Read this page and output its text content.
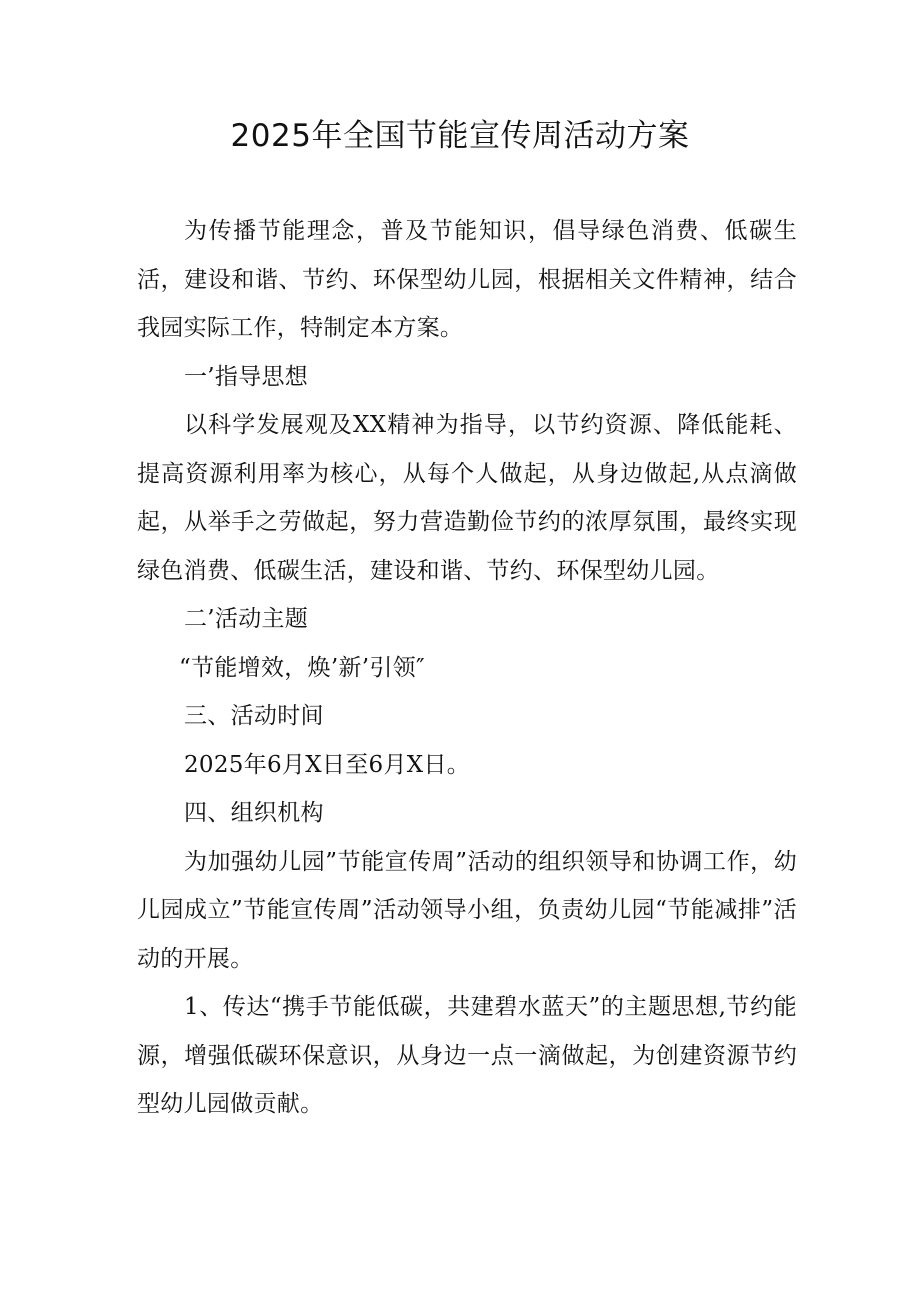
2025年全国节能宣传周活动方案

为传播节能理念，普及节能知识，倡导绿色消费、低碳生活，建设和谐、节约、环保型幼儿园，根据相关文件精神，结合我园实际工作，特制定本方案。

一’指导思想

以科学发展观及XX精神为指导，以节约资源、降低能耗、提高资源利用率为核心，从每个人做起，从身边做起,从点滴做起，从举手之劳做起，努力营造勤俭节约的浓厚氛围，最终实现绿色消费、低碳生活，建设和谐、节约、环保型幼儿园。

二’活动主题

“节能增效，焕’新’引领″

三、活动时间

2025年6月X日至6月X日。

四、组织机构

为加强幼儿园”节能宣传周”活动的组织领导和协调工作，幼儿园成立”节能宣传周”活动领导小组，负责幼儿园“节能减排”活动的开展。

1、传达“携手节能低碳，共建碧水蓝天”的主题思想,节约能源，增强低碳环保意识，从身边一点一滴做起，为创建资源节约型幼儿园做贡献。
